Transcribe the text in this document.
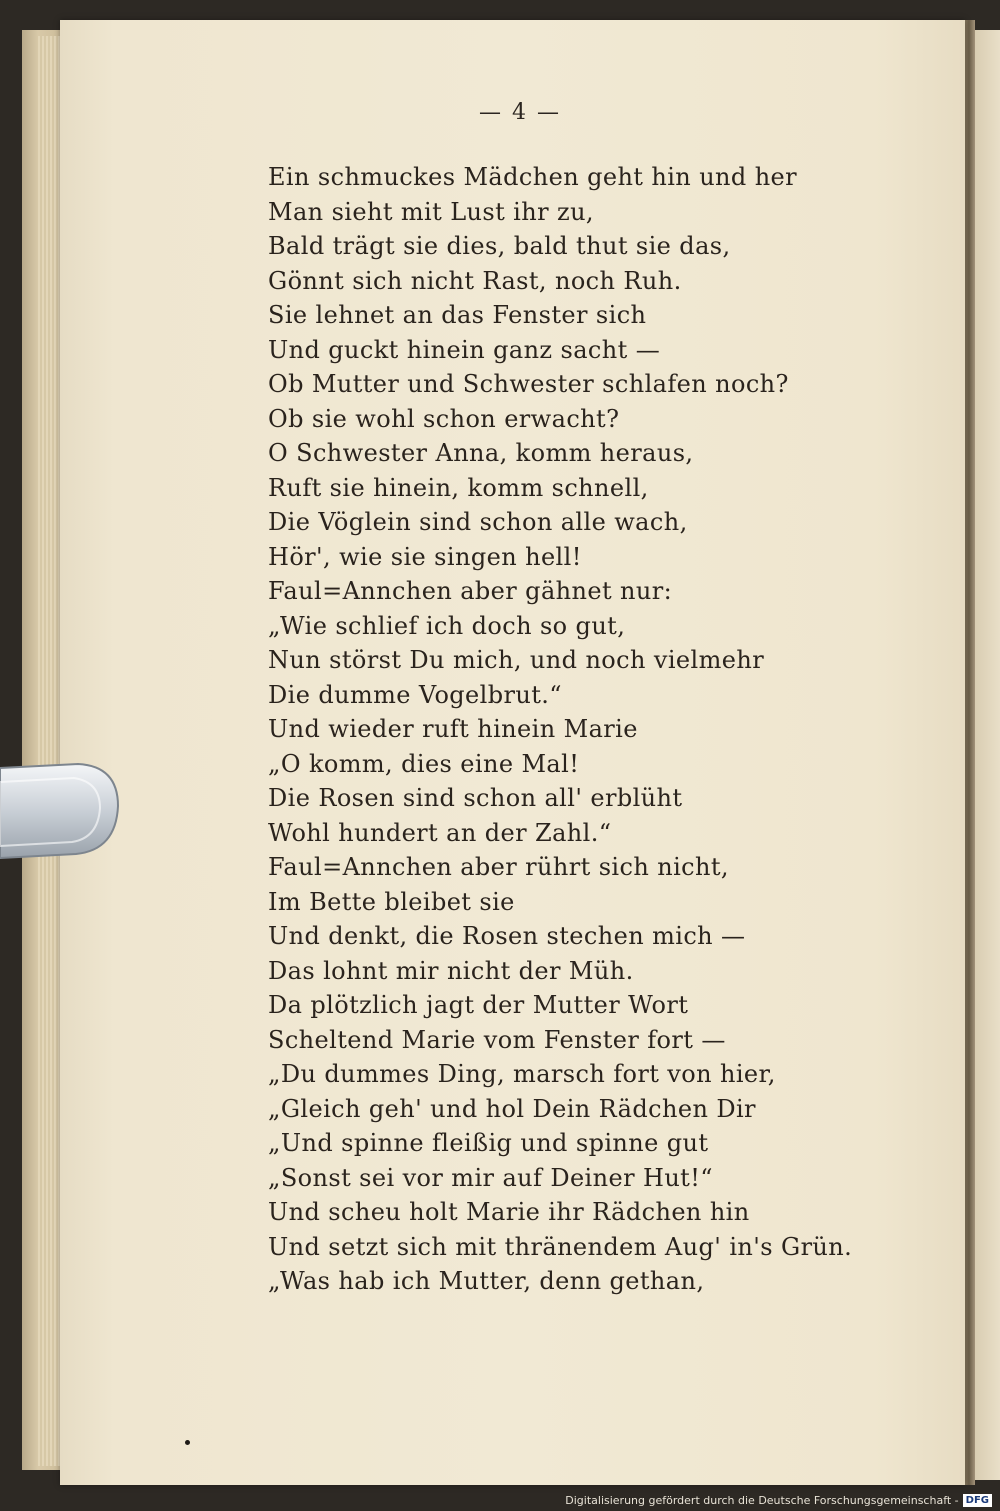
— 4 —
Ein schmuckes Mädchen geht hin und her
Man sieht mit Lust ihr zu,
Bald trägt sie dies, bald thut sie das,
Gönnt sich nicht Rast, noch Ruh.
Sie lehnet an das Fenster sich
Und guckt hinein ganz sacht —
Ob Mutter und Schwester schlafen noch?
Ob sie wohl schon erwacht?
O Schwester Anna, komm heraus,
Ruft sie hinein, komm schnell,
Die Vöglein sind schon alle wach,
Hör', wie sie singen hell!
Faul=Annchen aber gähnet nur:
„Wie schlief ich doch so gut,
Nun störst Du mich, und noch vielmehr
Die dumme Vogelbrut.“
Und wieder ruft hinein Marie
„O komm, dies eine Mal!
Die Rosen sind schon all' erblüht
Wohl hundert an der Zahl.“
Faul=Annchen aber rührt sich nicht,
Im Bette bleibet sie
Und denkt, die Rosen stechen mich —
Das lohnt mir nicht der Müh.
Da plötzlich jagt der Mutter Wort
Scheltend Marie vom Fenster fort —
„Du dummes Ding, marsch fort von hier,
„Gleich geh' und hol Dein Rädchen Dir
„Und spinne fleißig und spinne gut
„Sonst sei vor mir auf Deiner Hut!“
Und scheu holt Marie ihr Rädchen hin
Und setzt sich mit thränendem Aug' in's Grün.
„Was hab ich Mutter, denn gethan,
Digitalisierung gefördert durch die Deutsche Forschungsgemeinschaft - DFG
